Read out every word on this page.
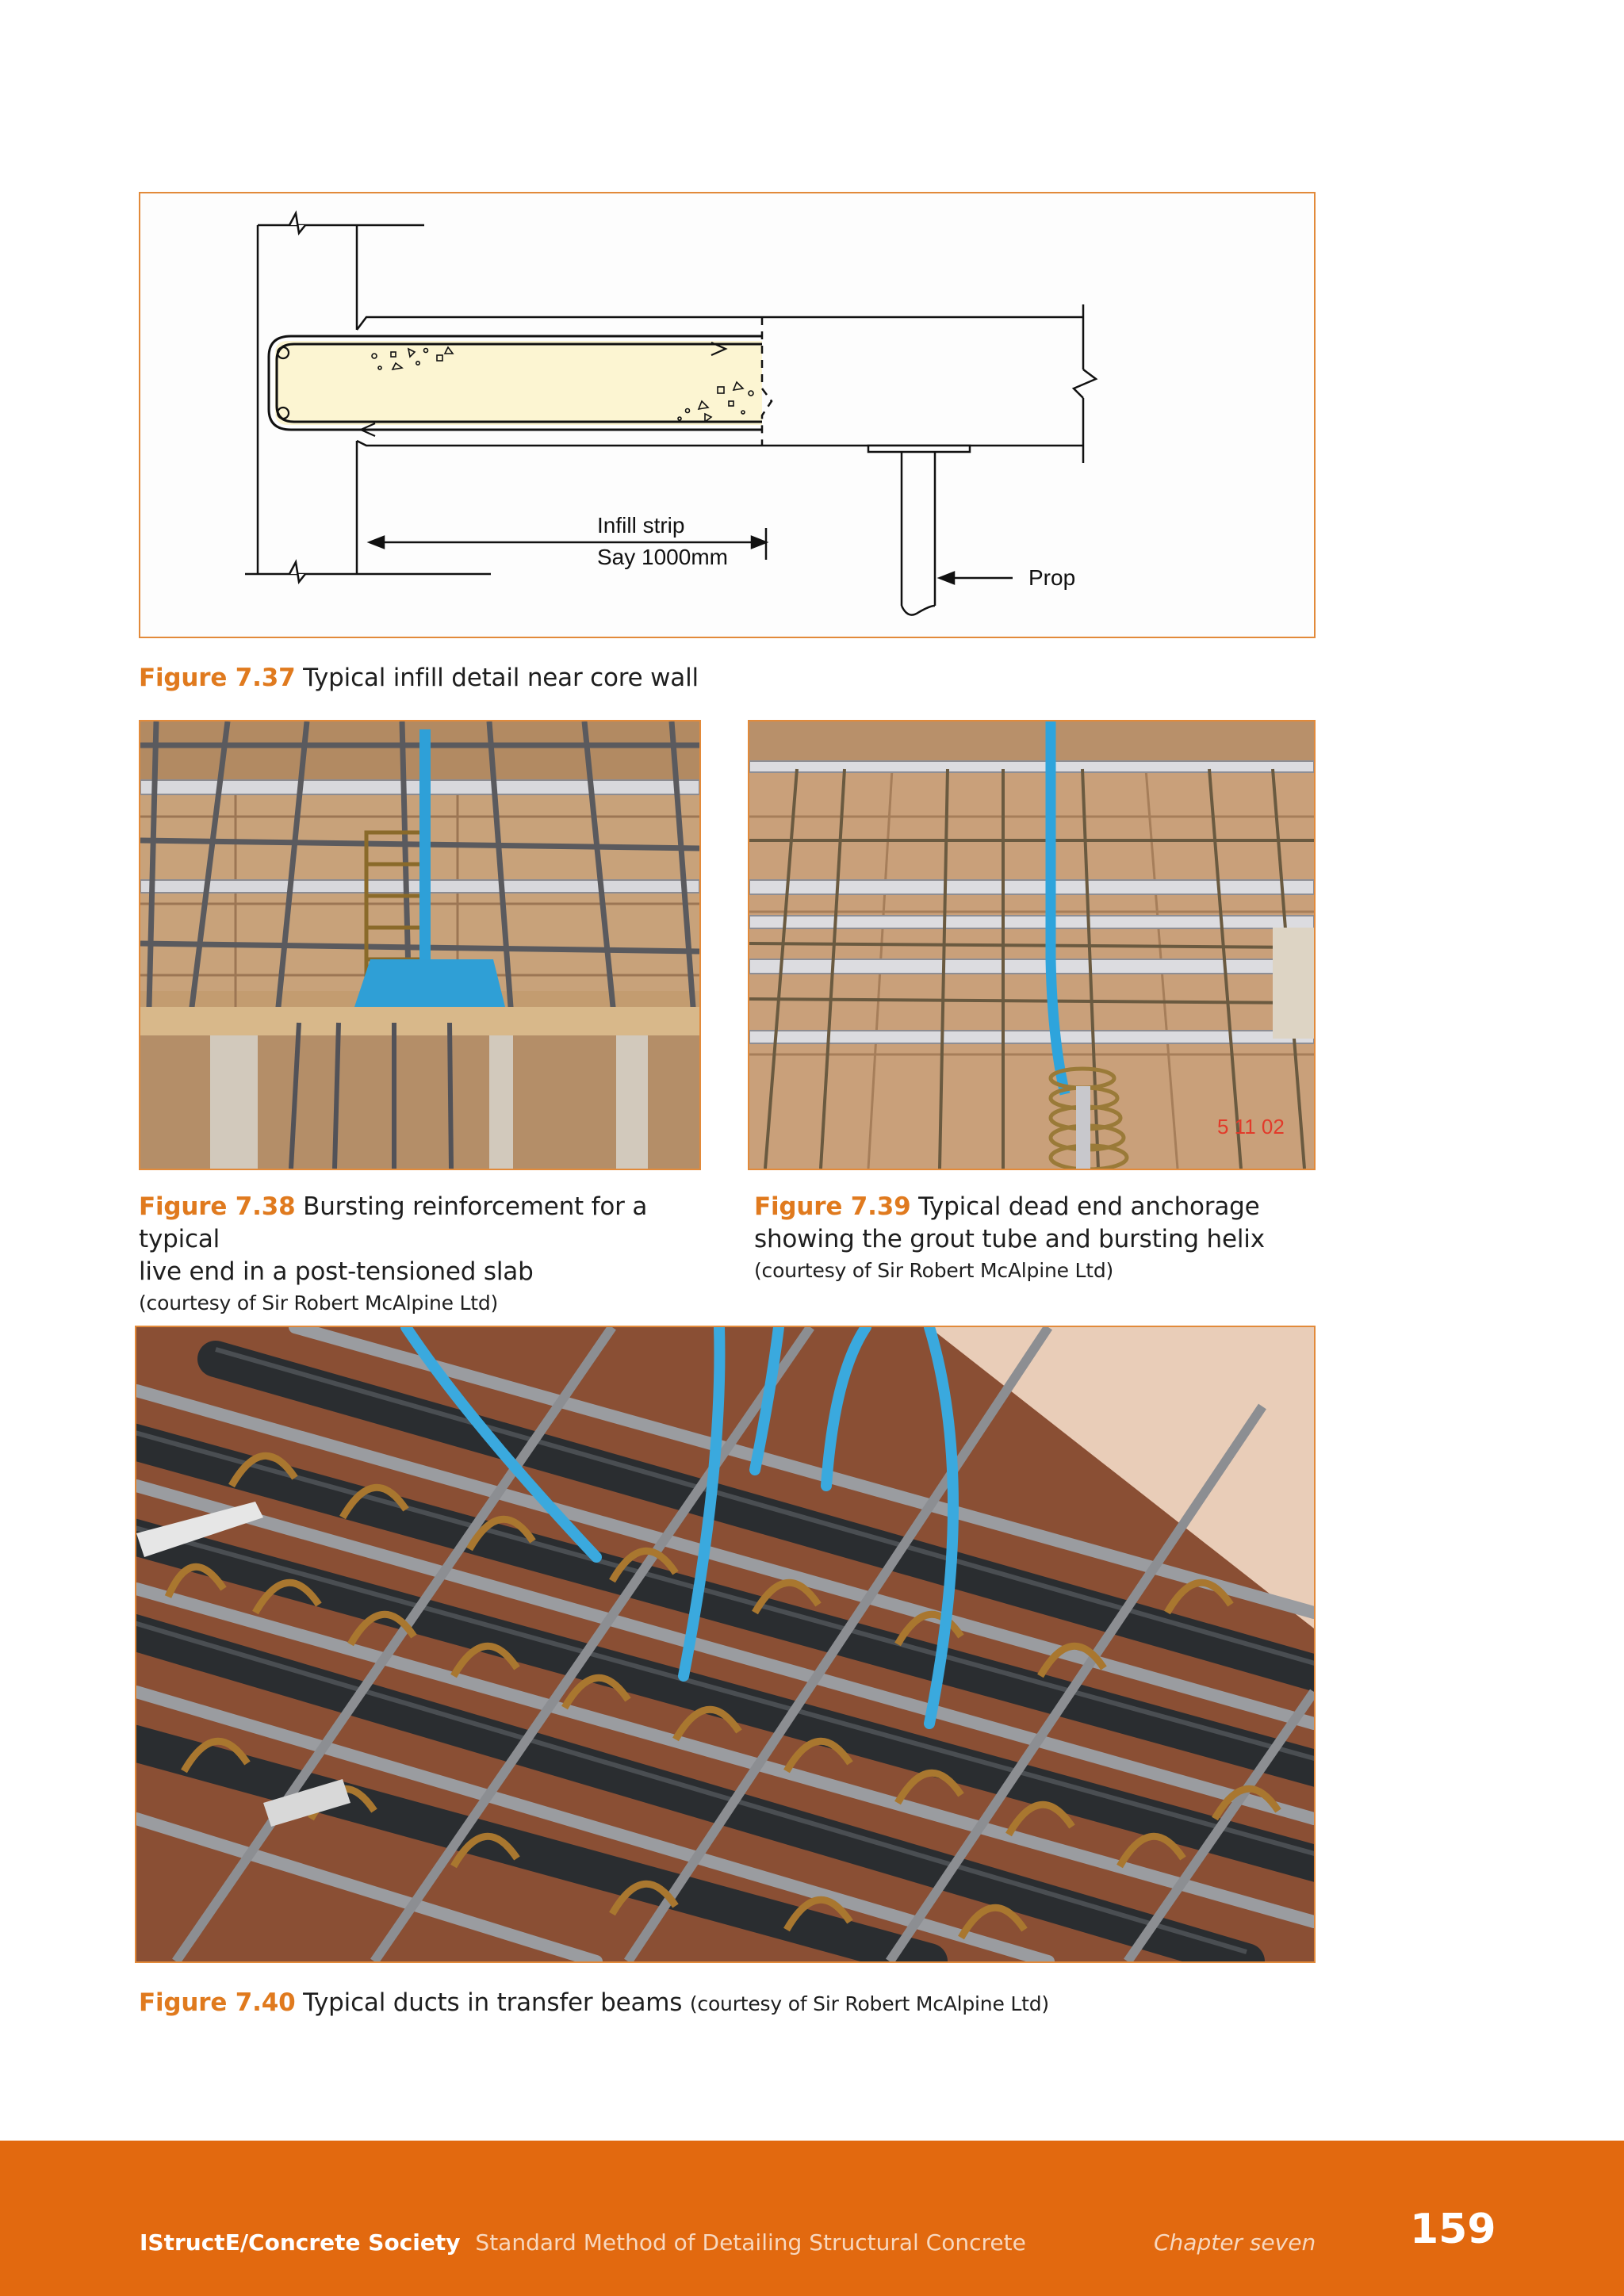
Infill strip
Say 1000mm
Prop
Figure 7.37 Typical infill detail near core wall
5 11 02
Figure 7.38 Bursting reinforcement for a typical
live end in a post-tensioned slab
(courtesy of Sir Robert McAlpine Ltd)
Figure 7.39 Typical dead end anchorage
showing the grout tube and bursting helix
(courtesy of Sir Robert McAlpine Ltd)
Figure 7.40 Typical ducts in transfer beams (courtesy of Sir Robert McAlpine Ltd)
IStructE/Concrete Society Standard Method of Detailing Structural Concrete	Chapter seven 159
